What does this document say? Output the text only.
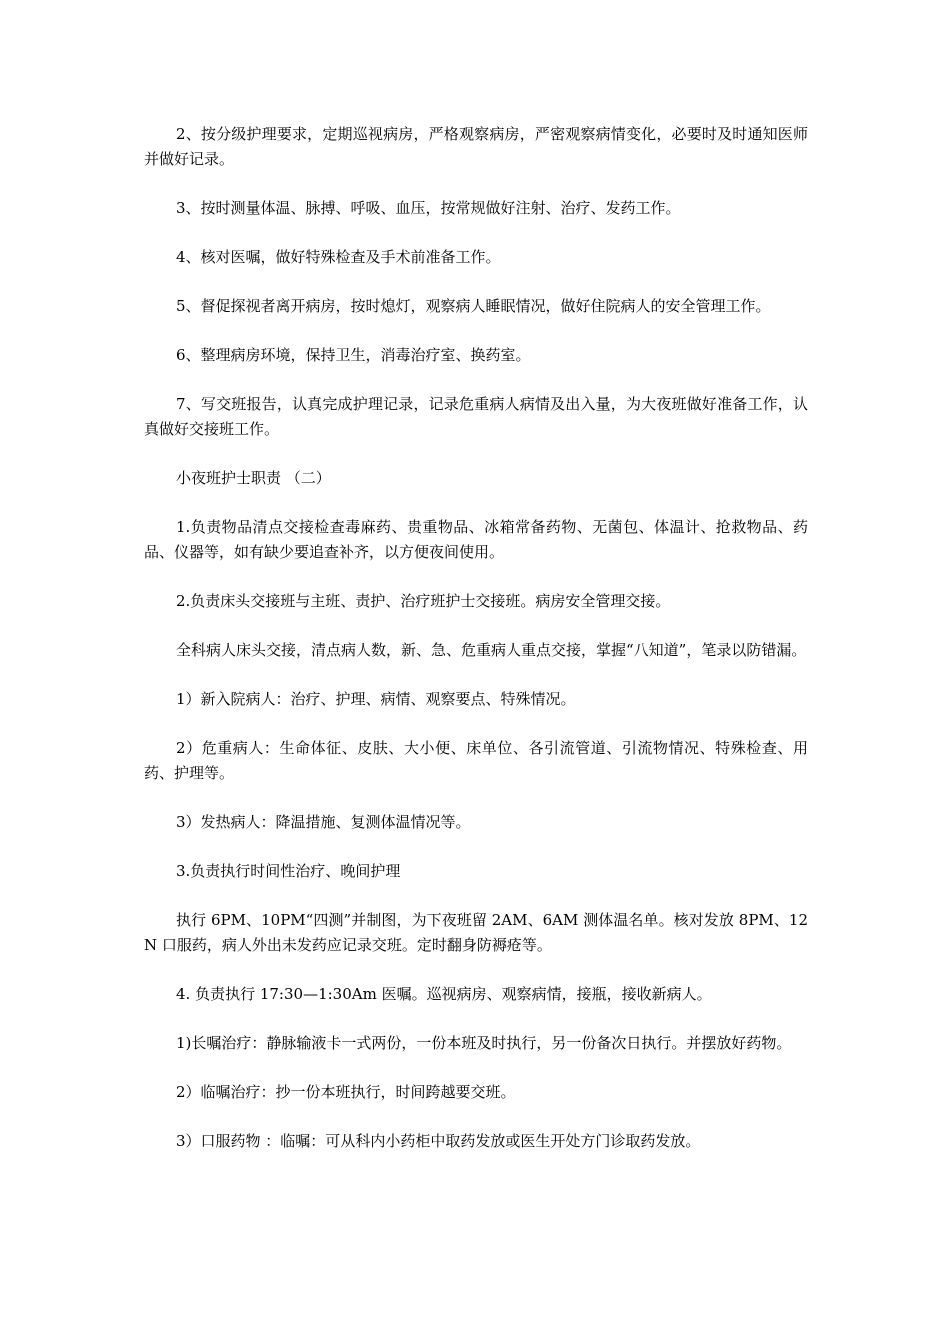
2、按分级护理要求，定期巡视病房，严格观察病房，严密观察病情变化，必要时及时通知医师并做好记录。

3、按时测量体温、脉搏、呼吸、血压，按常规做好注射、治疗、发药工作。

4、核对医嘱，做好特殊检查及手术前准备工作。

5、督促探视者离开病房，按时熄灯，观察病人睡眠情况，做好住院病人的安全管理工作。

6、整理病房环境，保持卫生，消毒治疗室、换药室。

7、写交班报告，认真完成护理记录，记录危重病人病情及出入量，为大夜班做好准备工作，认真做好交接班工作。

小夜班护士职责 （二）

1.负责物品清点交接检查毒麻药、贵重物品、冰箱常备药物、无菌包、体温计、抢救物品、药品、仪器等，如有缺少要追查补齐，以方便夜间使用。

2.负责床头交接班与主班、责护、治疗班护士交接班。病房安全管理交接。

全科病人床头交接，清点病人数，新、急、危重病人重点交接，掌握“八知道”，笔录以防错漏。

1）新入院病人：治疗、护理、病情、观察要点、特殊情况。

2）危重病人：生命体征、皮肤、大小便、床单位、各引流管道、引流物情况、特殊检查、用药、护理等。

3）发热病人：降温措施、复测体温情况等。

3.负责执行时间性治疗、晚间护理

执行 6PM、10PM“四测”并制图，为下夜班留 2AM、6AM 测体温名单。核对发放 8PM、12N 口服药，病人外出未发药应记录交班。定时翻身防褥疮等。

4. 负责执行 17:30—1:30Am 医嘱。巡视病房、观察病情，接瓶，接收新病人。

1)长嘱治疗：静脉输液卡一式两份，一份本班及时执行，另一份备次日执行。并摆放好药物。

2）临嘱治疗：抄一份本班执行，时间跨越要交班。

3）口服药物 ：临嘱：可从科内小药柜中取药发放或医生开处方门诊取药发放。
